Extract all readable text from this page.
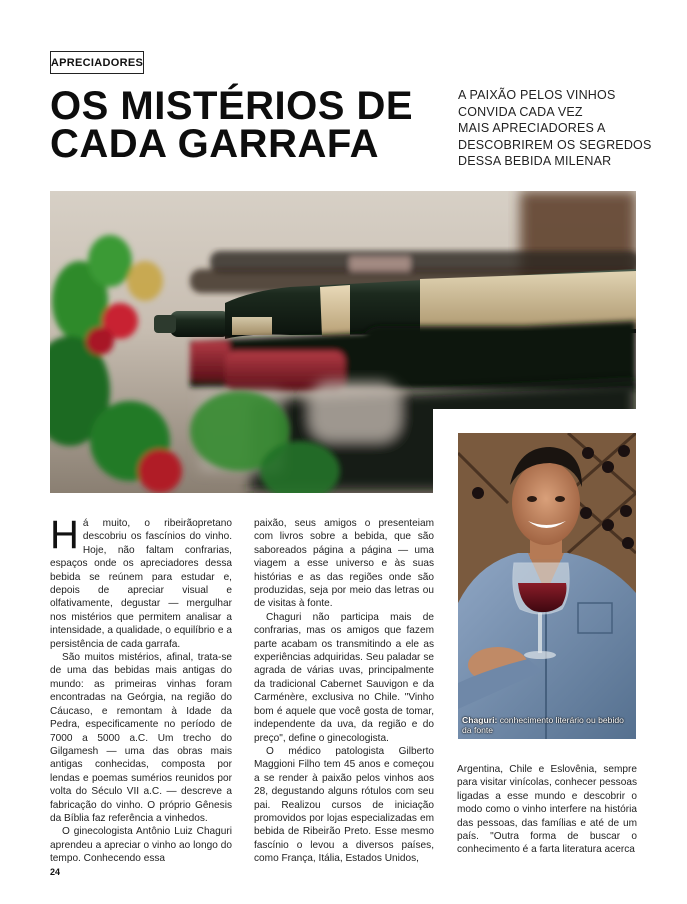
APRECIADORES
OS MISTÉRIOS DE
CADA GARRAFA
A PAIXÃO PELOS VINHOS
CONVIDA CADA VEZ
MAIS APRECIADORES A
DESCOBRIREM OS SEGREDOS
DESSA BEBIDA MILENAR
Chaguri: conhecimento literário ou bebido da fonte

Há muito, o ribeirãopretano descobriu os fascínios do vinho. Hoje, não faltam confrarias, espaços onde os apreciadores dessa bebida se reúnem para estudar e, depois de apreciar visual e olfativamente, degustar — mergulhar nos mistérios que permitem analisar a intensidade, a qualidade, o equilíbrio e a persistência de cada garrafa.

São muitos mistérios, afinal, trata-se de uma das bebidas mais antigas do mundo: as primeiras vinhas foram encontradas na Geórgia, na região do Cáucaso, e remontam à Idade da Pedra, especificamente no período de 7000 a 5000 a.C. Um trecho do Gilgamesh — uma das obras mais antigas conhecidas, composta por lendas e poemas sumérios reunidos por volta do Século VII a.C. — descreve a fabricação do vinho. O próprio Gênesis da Bíblia faz referência a vinhedos.

O ginecologista Antônio Luiz Chaguri aprendeu a apreciar o vinho ao longo do tempo. Conhecendo essa

paixão, seus amigos o presenteiam com livros sobre a bebida, que são saboreados página a página — uma viagem a esse universo e às suas histórias e as das regiões onde são produzidas, seja por meio das letras ou de visitas à fonte.

Chaguri não participa mais de confrarias, mas os amigos que fazem parte acabam os transmitindo a ele as experiências adquiridas. Seu paladar se agrada de várias uvas, principalmente da tradicional Cabernet Sauvigon e da Carménère, exclusiva no Chile. "Vinho bom é aquele que você gosta de tomar, independente da uva, da região e do preço", define o ginecologista.

O médico patologista Gilberto Maggioni Filho tem 45 anos e começou a se render à paixão pelos vinhos aos 28, degustando alguns rótulos com seu pai. Realizou cursos de iniciação promovidos por lojas especializadas em bebida de Ribeirão Preto. Esse mesmo fascínio o levou a diversos países, como França, Itália, Estados Unidos,

Argentina, Chile e Eslovênia, sempre para visitar vinícolas, conhecer pessoas ligadas a esse mundo e descobrir o modo como o vinho interfere na história das pessoas, das famílias e até de um país. "Outra forma de buscar o conhecimento é a farta literatura acerca

24
